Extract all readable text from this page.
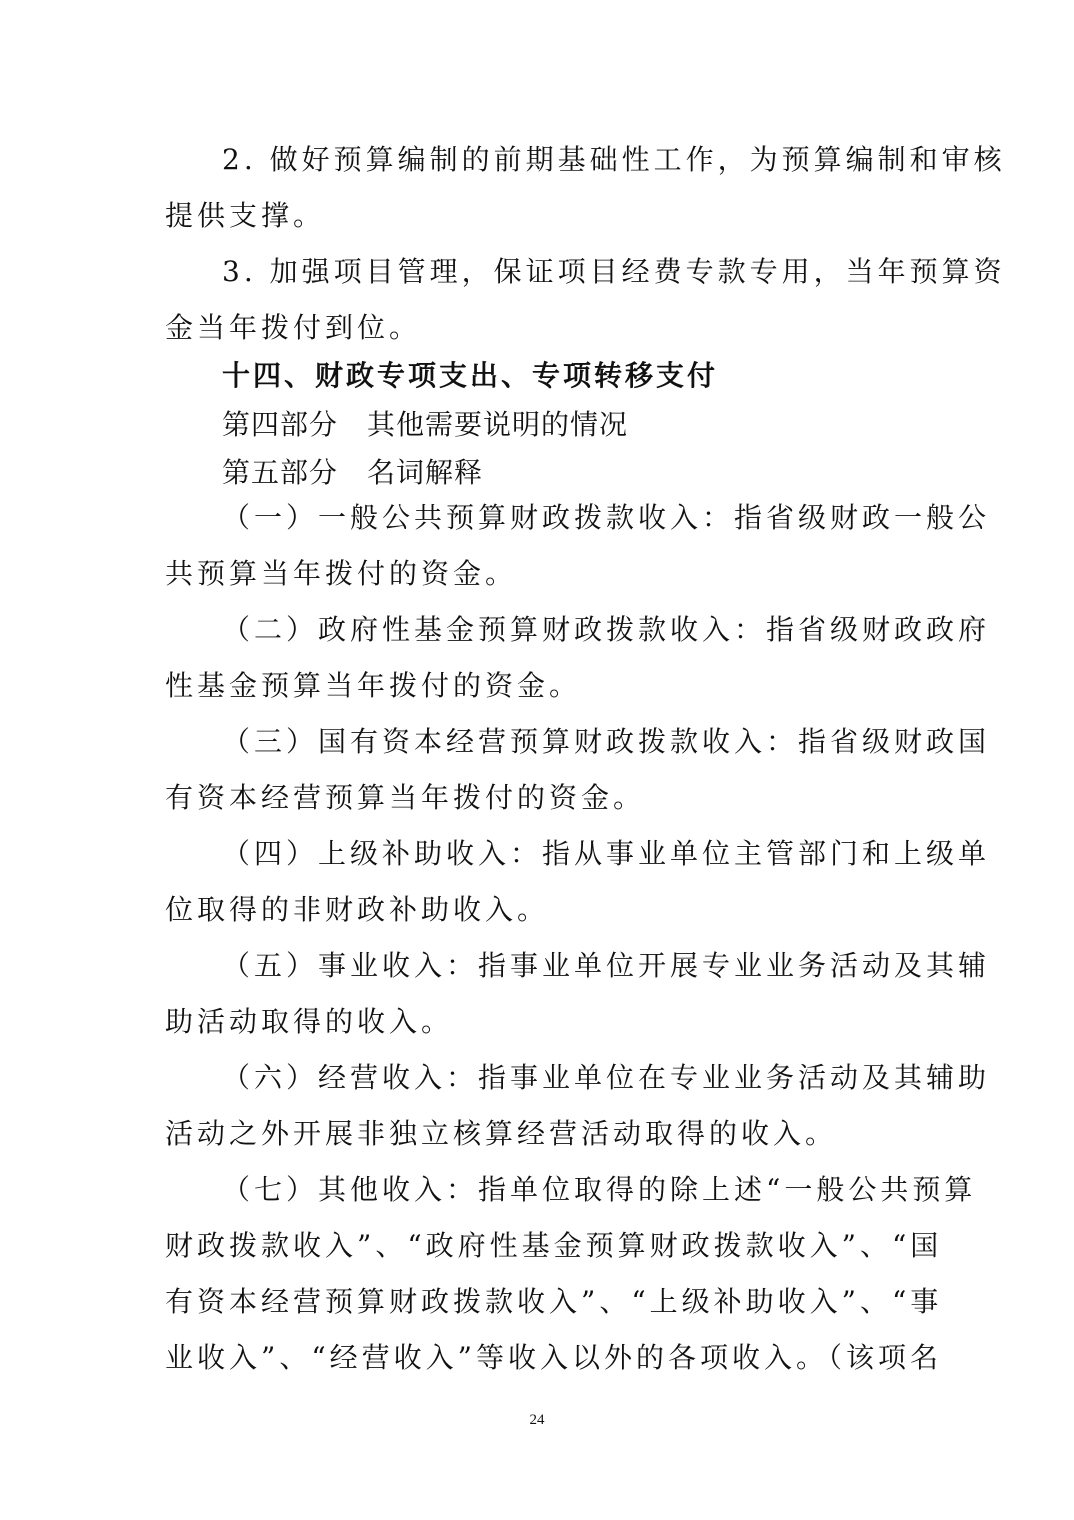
2. 做好预算编制的前期基础性工作，为预算编制和审核
提供支撑。
3. 加强项目管理，保证项目经费专款专用，当年预算资
金当年拨付到位。
十四、财政专项支出、专项转移支付
第四部分　其他需要说明的情况
第五部分　名词解释
（一）一般公共预算财政拨款收入：指省级财政一般公
共预算当年拨付的资金。
（二）政府性基金预算财政拨款收入：指省级财政政府
性基金预算当年拨付的资金。
（三）国有资本经营预算财政拨款收入：指省级财政国
有资本经营预算当年拨付的资金。
（四）上级补助收入：指从事业单位主管部门和上级单
位取得的非财政补助收入。
（五）事业收入：指事业单位开展专业业务活动及其辅
助活动取得的收入。
（六）经营收入：指事业单位在专业业务活动及其辅助
活动之外开展非独立核算经营活动取得的收入。
（七）其他收入：指单位取得的除上述“一般公共预算
财政拨款收入”、“政府性基金预算财政拨款收入”、“国
有资本经营预算财政拨款收入”、“上级补助收入”、“事
业收入”、“经营收入”等收入以外的各项收入。（该项名
24
